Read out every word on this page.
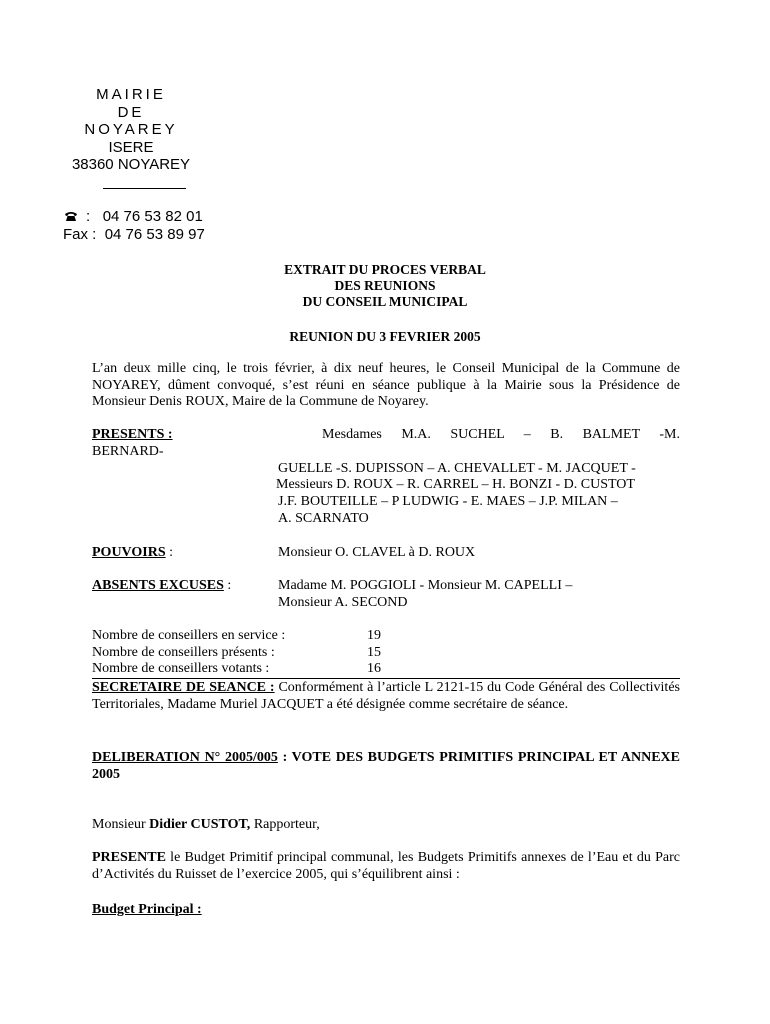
MAIRIE
DE
NOYAREY
ISERE
38360 NOYAREY
: 04 76 53 82 01
Fax : 04 76 53 89 97
EXTRAIT DU PROCES VERBAL
DES REUNIONS
DU CONSEIL MUNICIPAL
REUNION DU 3 FEVRIER 2005
L’an deux mille cinq, le trois février, à dix neuf heures, le Conseil Municipal de la Commune de NOYAREY, dûment convoqué, s’est réuni en séance publique à la Mairie sous la Présidence de Monsieur Denis ROUX, Maire de la Commune de Noyarey.
PRESENTS :	Mesdames M.A. SUCHEL – B. BALMET -M.
BERNARD-
GUELLE -S. DUPISSON – A. CHEVALLET - M. JACQUET -
Messieurs D. ROUX – R. CARREL – H. BONZI - D. CUSTOT
J.F. BOUTEILLE – P LUDWIG - E. MAES – J.P. MILAN –
A. SCARNATO
POUVOIRS :	Monsieur O. CLAVEL à D. ROUX
ABSENTS EXCUSES :	Madame M. POGGIOLI - Monsieur M. CAPELLI –
Monsieur A. SECOND
Nombre de conseillers en service :	19
Nombre de conseillers présents :	15
Nombre de conseillers votants :	16
SECRETAIRE DE SEANCE : Conformément à l’article L 2121-15 du Code Général des Collectivités Territoriales, Madame Muriel JACQUET a été désignée comme secrétaire de séance.
DELIBERATION N° 2005/005 : VOTE DES BUDGETS PRIMITIFS PRINCIPAL ET ANNEXE 2005
Monsieur Didier CUSTOT, Rapporteur,
PRESENTE le Budget Primitif principal communal, les Budgets Primitifs annexes de l’Eau et du Parc d’Activités du Ruisset de l’exercice 2005, qui s’équilibrent ainsi :
Budget Principal :
